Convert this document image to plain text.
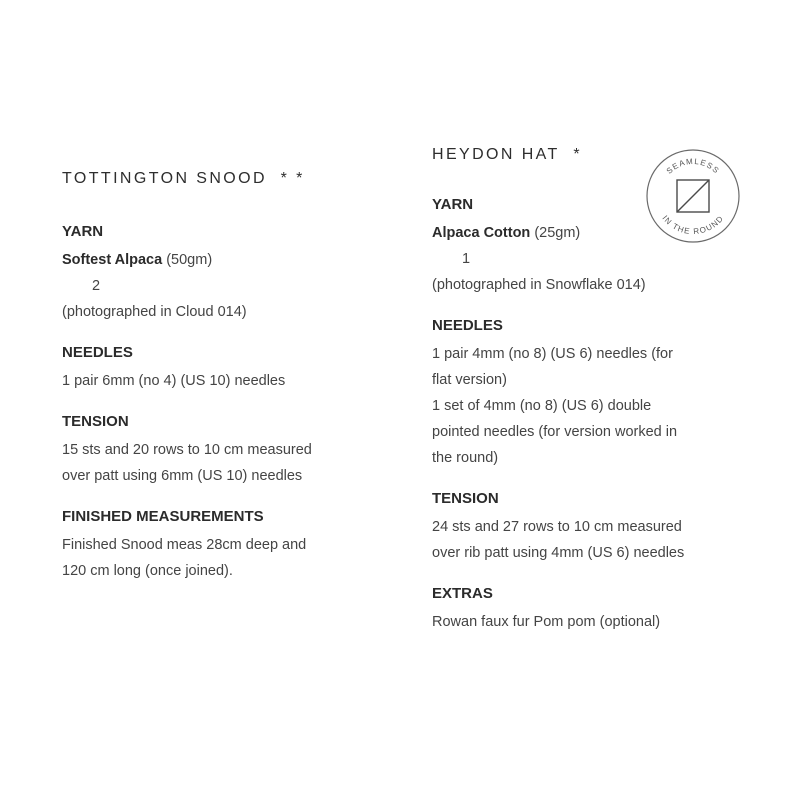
TOTTINGTON SNOOD * *
YARN

Softest Alpaca (50gm)

2

(photographed in Cloud 014)

NEEDLES

1 pair 6mm (no 4) (US 10) needles

TENSION

15 sts and 20 rows to 10 cm measured

over patt using 6mm (US 10) needles

FINISHED MEASUREMENTS

Finished Snood meas 28cm deep and

120 cm long (once joined).

HEYDON HAT *
YARN

Alpaca Cotton (25gm)

1

(photographed in Snowflake 014)

NEEDLES

1 pair 4mm (no 8) (US 6) needles (for

flat version)

1 set of 4mm (no 8) (US 6) double

pointed needles (for version worked in

the round)

TENSION

24 sts and 27 rows to 10 cm measured

over rib patt using 4mm (US 6) needles

EXTRAS

Rowan faux fur Pom pom (optional)

SEAMLESS
IN THE ROUND
